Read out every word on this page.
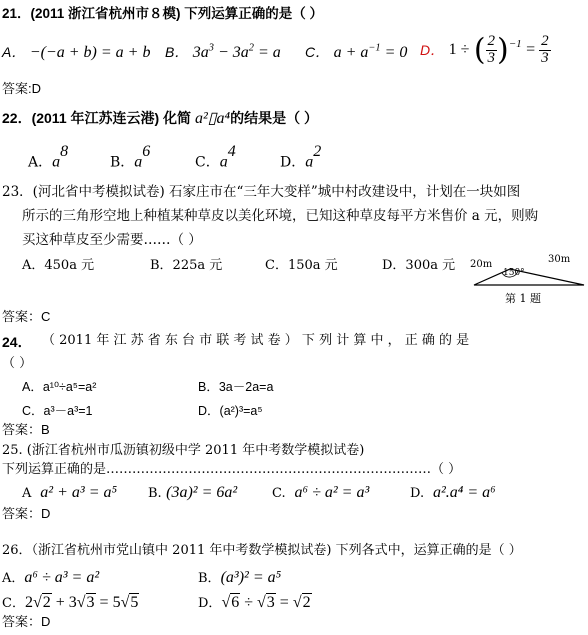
21．(2011 浙江省杭州市８模) 下列运算正确的是（ ）
A． −(−a + b) = a + b B． $3a^3 - 3a^2 = a$ C． $a + a^{-1} = 0$ D． 1 ÷ ( $\frac{2}{3} )^{-1} = \frac{2}{3}$
答案:D
22．(2011 年江苏连云港) 化简 a²▯a⁴的结果是（ ）
A．$a^8$
B．$a^6$
C．$a^4$
D．$a^2$
23．(河北省中考模拟试卷) 石家庄市在“三年大变样”城中村改建设中，计划在一块如图
所示的三角形空地上种植某种草皮以美化环境，已知这种草皮每平方米售价 a 元，则购
买这种草皮至少需要……（ ）
A．450a 元	B．225a 元	C．150a 元	D．300a 元 20m	30m
150°
第 1 题
答案：C
24． （ 2011 年 江 苏 省 东 台 市 联 考 试 卷 ） 下 列 计 算 中 ， 正 确 的 是
（ ）
A．a¹⁰÷a⁵=a²	B．3a－2a=a
C．a³－a³=1	D．(a²)³=a⁵
答案：B
25. (浙江省杭州市瓜沥镇初级中学 2011 年中考数学模拟试卷)
下列运算正确的是…………………………………………………………………（ ）
A a² + a³ = a⁵ B. (3a)² = 6a²	C. a⁶ ÷ a² = a³	D. a².a⁴ = a⁶
答案：D
26．（浙江省杭州市党山镇中 2011 年中考数学模拟试卷) 下列各式中，运算正确的是（ ）
A．a⁶ ÷ a³ = a²	B．(a³)² = a⁵
C．2√2 + 3√3 = 5√5	D．√6 ÷ √3 = √2
答案：D
